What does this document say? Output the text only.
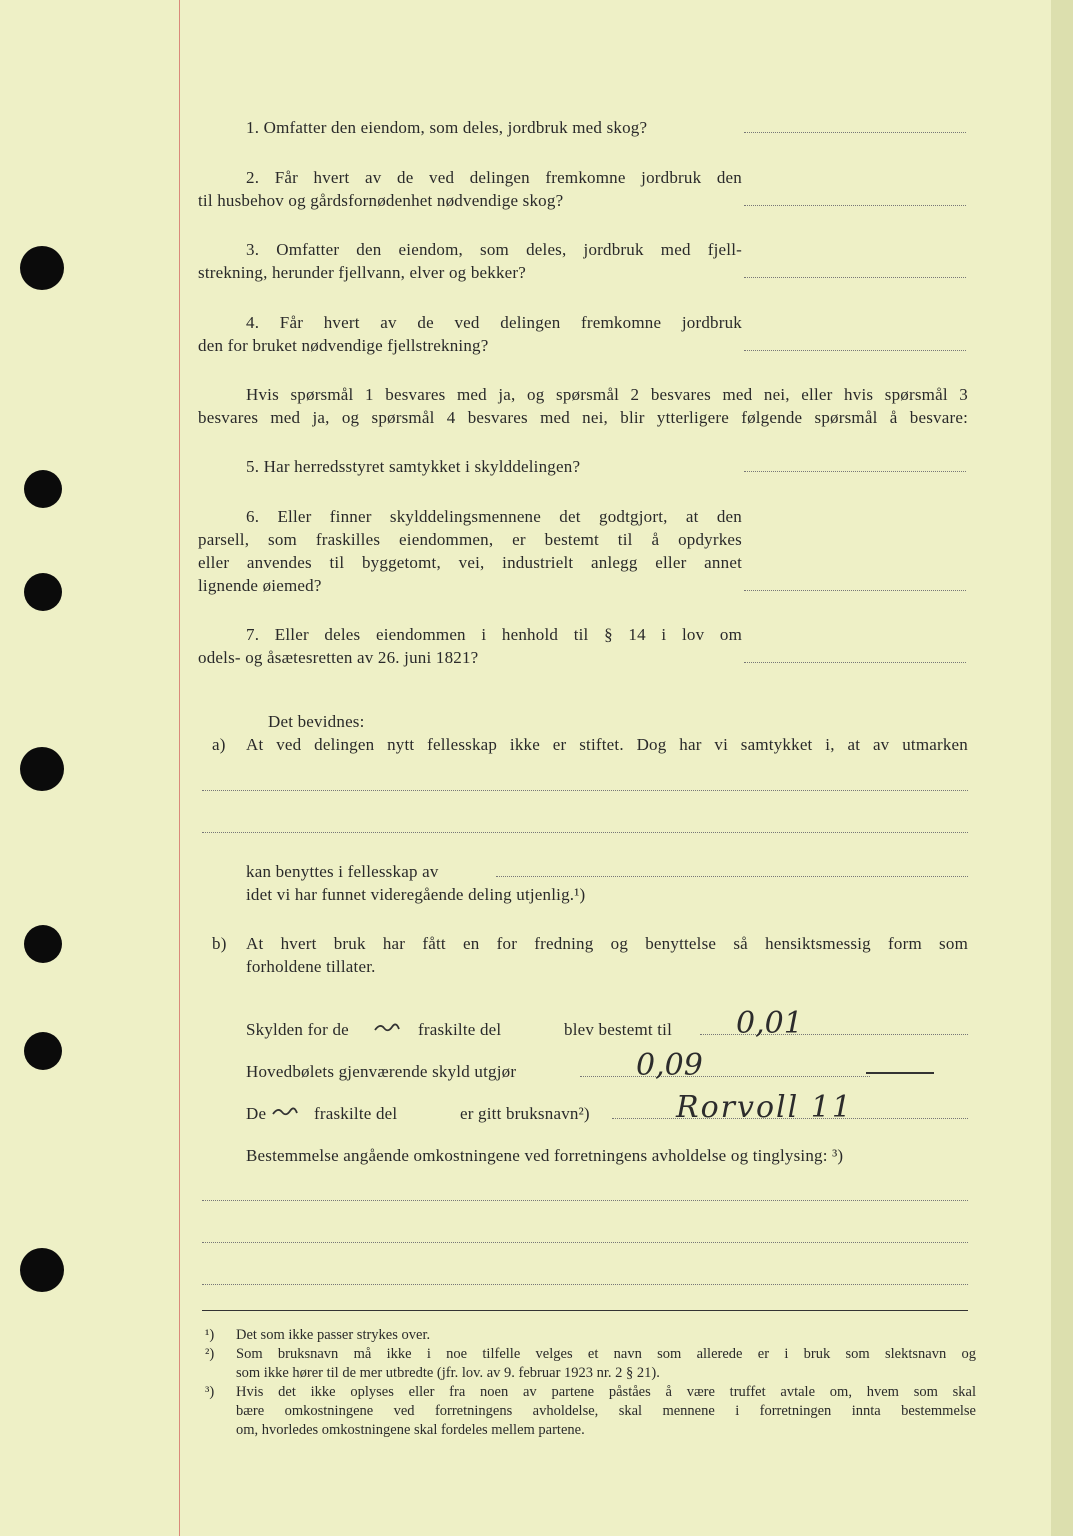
1. Omfatter den eiendom, som deles, jordbruk med skog?
2. Får hvert av de ved delingen fremkomne jordbruk den
til husbehov og gårdsfornødenhet nødvendige skog?
3. Omfatter den eiendom, som deles, jordbruk med fjell-
strekning, herunder fjellvann, elver og bekker?
4. Får hvert av de ved delingen fremkomne jordbruk
den for bruket nødvendige fjellstrekning?
Hvis spørsmål 1 besvares med ja, og spørsmål 2 besvares med nei, eller hvis spørsmål 3
besvares med ja, og spørsmål 4 besvares med nei, blir ytterligere følgende spørsmål å besvare:
5. Har herredsstyret samtykket i skylddelingen?
6. Eller finner skylddelingsmennene det godtgjort, at den
parsell, som fraskilles eiendommen, er bestemt til å opdyrkes
eller anvendes til byggetomt, vei, industrielt anlegg eller annet
lignende øiemed?
7. Eller deles eiendommen i henhold til § 14 i lov om
odels- og åsætesretten av 26. juni 1821?
Det bevidnes:
a) At ved delingen nytt fellesskap ikke er stiftet. Dog har vi samtykket i, at av utmarken
kan benyttes i fellesskap av
idet vi har funnet videregående deling utjenlig.¹)
b) At hvert bruk har fått en for fredning og benyttelse så hensiktsmessig form som
forholdene tillater.
Skylden for de	fraskilte del	blev bestemt til 0,01
Hovedbølets gjenværende skyld utgjør	0,09
De	fraskilte del	er gitt bruksnavn²)	Rorvoll 11
Bestemmelse angående omkostningene ved forretningens avholdelse og tinglysing: ³)
¹) Det som ikke passer strykes over.
²) Som bruksnavn må ikke i noe tilfelle velges et navn som allerede er i bruk som slektsnavn og
som ikke hører til de mer utbredte (jfr. lov. av 9. februar 1923 nr. 2 § 21).
³) Hvis det ikke oplyses eller fra noen av partene påståes å være truffet avtale om, hvem som skal
bære omkostningene ved forretningens avholdelse, skal mennene i forretningen innta bestemmelse
om, hvorledes omkostningene skal fordeles mellem partene.
